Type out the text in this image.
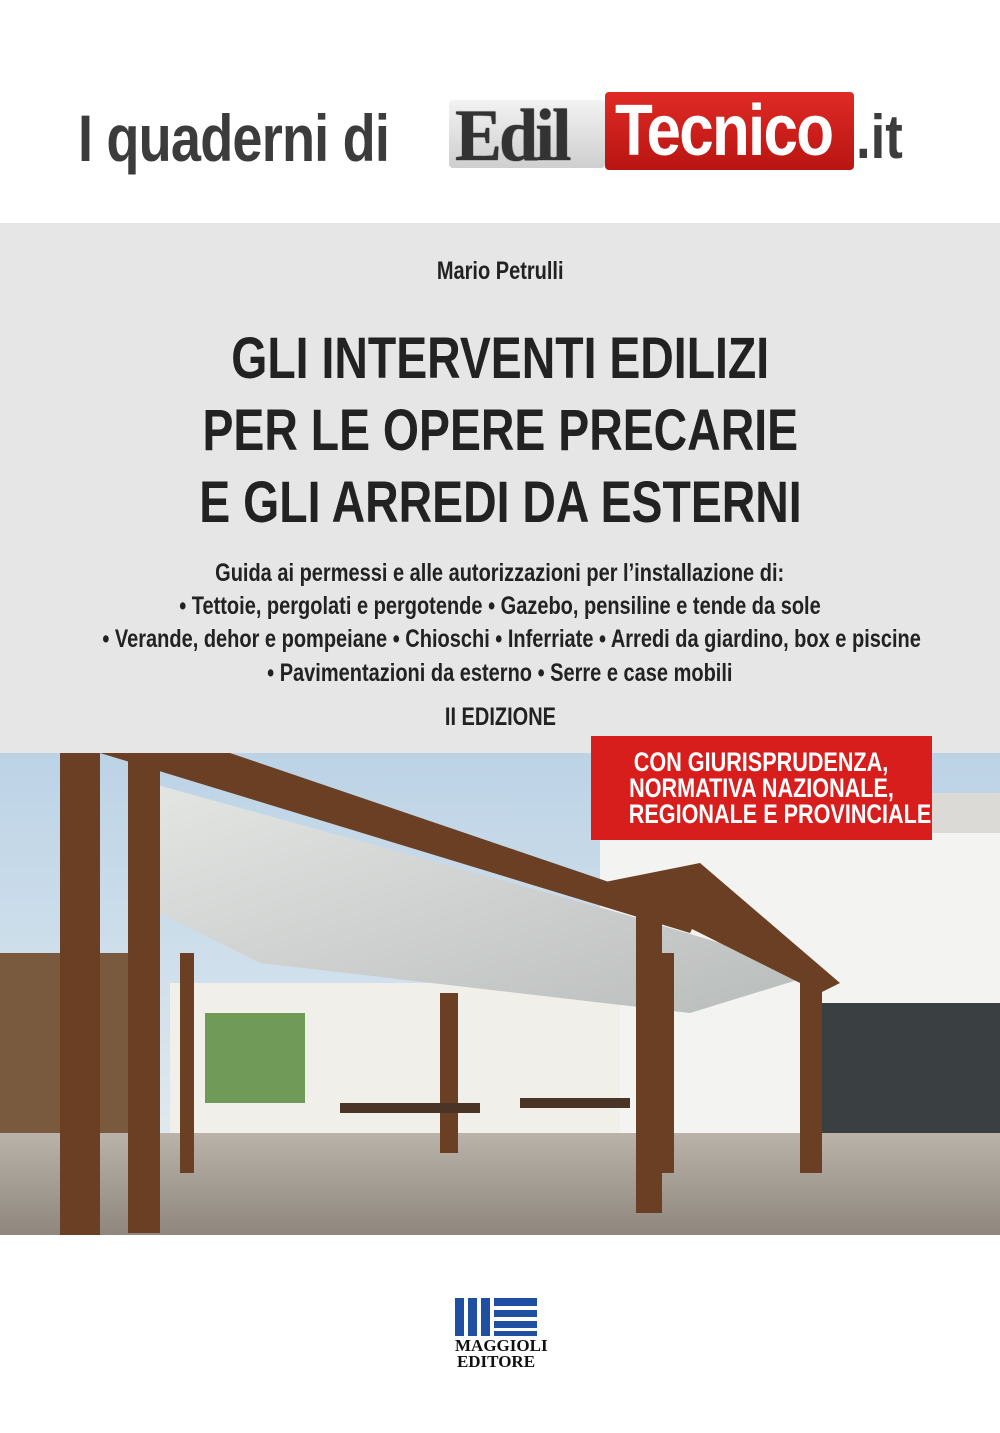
I quaderni di Edil Tecnico .it
Mario Petrulli
GLI INTERVENTI EDILIZI
PER LE OPERE PRECARIE
E GLI ARREDI DA ESTERNI
Guida ai permessi e alle autorizzazioni per l’installazione di:
• Tettoie, pergolati e pergotende • Gazebo, pensiline e tende da sole
• Verande, dehor e pompeiane • Chioschi • Inferriate • Arredi da giardino, box e piscine
• Pavimentazioni da esterno • Serre e case mobili
II EDIZIONE
CON GIURISPRUDENZA,
NORMATIVA NAZIONALE,
REGIONALE E PROVINCIALE
MAGGIOLI
EDITORE
